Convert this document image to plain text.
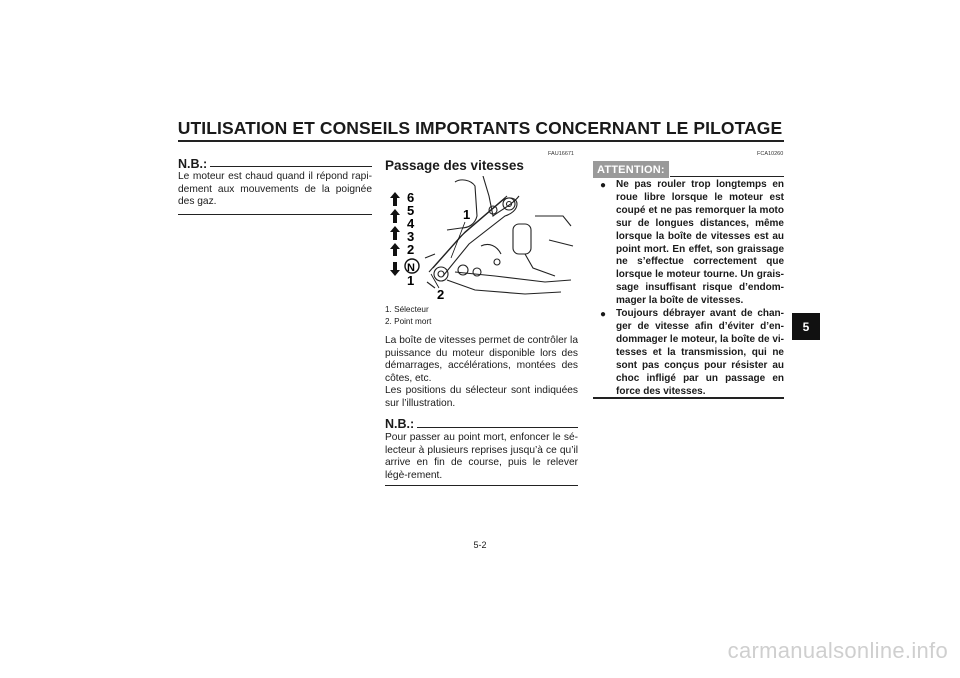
UTILISATION ET CONSEILS IMPORTANTS CONCERNANT LE PILOTAGE
N.B.:
Le moteur est chaud quand il répond rapi-dement aux mouvements de la poignée des gaz.
FAU16671
Passage des vitesses
6
5
4
3
2
N
1
1
2
1. Sélecteur
2. Point mort
La boîte de vitesses permet de contrôler la puissance du moteur disponible lors des démarrages, accélérations, montées des côtes, etc.
Les positions du sélecteur sont indiquées sur l’illustration.
N.B.:
Pour passer au point mort, enfoncer le sé-lecteur à plusieurs reprises jusqu’à ce qu’il arrive en fin de course, puis le relever légè-rement.
ATTENTION:
FCA10260
● Ne pas rouler trop longtemps en roue libre lorsque le moteur est coupé et ne pas remorquer la moto sur de longues distances, même lorsque la boîte de vitesses est au point mort. En effet, son graissage ne s’effectue correctement que lorsque le moteur tourne. Un grais-sage insuffisant risque d’endom-mager la boîte de vitesses.
● Toujours débrayer avant de chan-ger de vitesse afin d’éviter d’en-dommager le moteur, la boîte de vi-tesses et la transmission, qui ne sont pas conçus pour résister au choc infligé par un passage en force des vitesses.
5
5-2
carmanualsonline.info
